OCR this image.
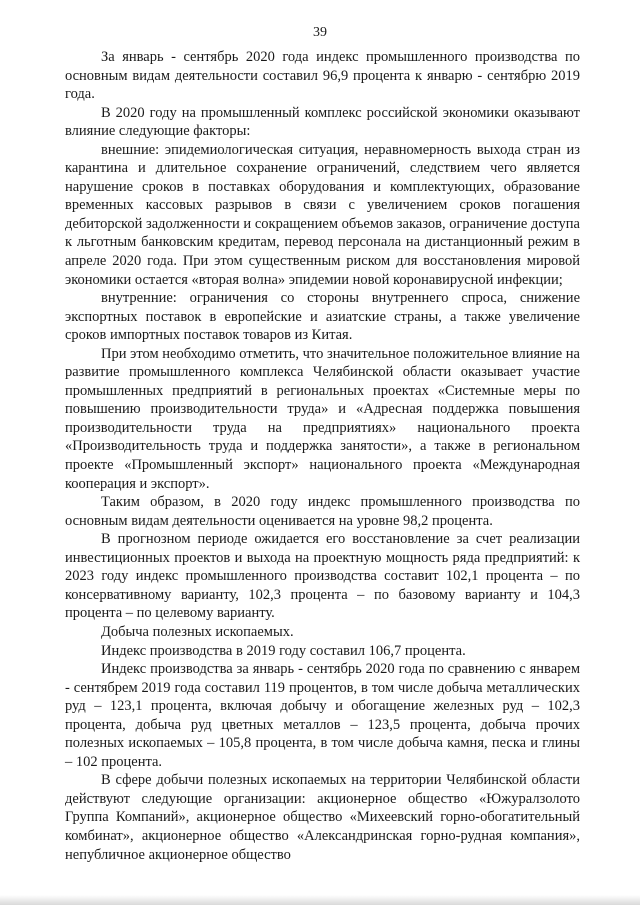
39

За январь - сентябрь 2020 года индекс промышленного производства по основным видам деятельности составил 96,9 процента к январю - сентябрю 2019 года.

В 2020 году на промышленный комплекс российской экономики оказывают влияние следующие факторы:

внешние: эпидемиологическая ситуация, неравномерность выхода стран из карантина и длительное сохранение ограничений, следствием чего является нарушение сроков в поставках оборудования и комплектующих, образование временных кассовых разрывов в связи с увеличением сроков погашения дебиторской задолженности и сокращением объемов заказов, ограничение доступа к льготным банковским кредитам, перевод персонала на дистанционный режим в апреле 2020 года. При этом существенным риском для восстановления мировой экономики остается «вторая волна» эпидемии новой коронавирусной инфекции;

внутренние: ограничения со стороны внутреннего спроса, снижение экспортных поставок в европейские и азиатские страны, а также увеличение сроков импортных поставок товаров из Китая.

При этом необходимо отметить, что значительное положительное влияние на развитие промышленного комплекса Челябинской области оказывает участие промышленных предприятий в региональных проектах «Системные меры по повышению производительности труда» и «Адресная поддержка повышения производительности труда на предприятиях» национального проекта «Производительность труда и поддержка занятости», а также в региональном проекте «Промышленный экспорт» национального проекта «Международная кооперация и экспорт».

Таким образом, в 2020 году индекс промышленного производства по основным видам деятельности оценивается на уровне 98,2 процента.

В прогнозном периоде ожидается его восстановление за счет реализации инвестиционных проектов и выхода на проектную мощность ряда предприятий: к 2023 году индекс промышленного производства составит 102,1 процента – по консервативному варианту, 102,3 процента – по базовому варианту и 104,3 процента – по целевому варианту.

Добыча полезных ископаемых.

Индекс производства в 2019 году составил 106,7 процента.

Индекс производства за январь - сентябрь 2020 года по сравнению с январем - сентябрем 2019 года составил 119 процентов, в том числе добыча металлических руд – 123,1 процента, включая добычу и обогащение железных руд – 102,3 процента, добыча руд цветных металлов – 123,5 процента, добыча прочих полезных ископаемых – 105,8 процента, в том числе добыча камня, песка и глины – 102 процента.

В сфере добычи полезных ископаемых на территории Челябинской области действуют следующие организации: акционерное общество «Южуралзолото Группа Компаний», акционерное общество «Михеевский горно-обогатительный комбинат», акционерное общество «Александринская горно-рудная компания», непубличное акционерное общество
